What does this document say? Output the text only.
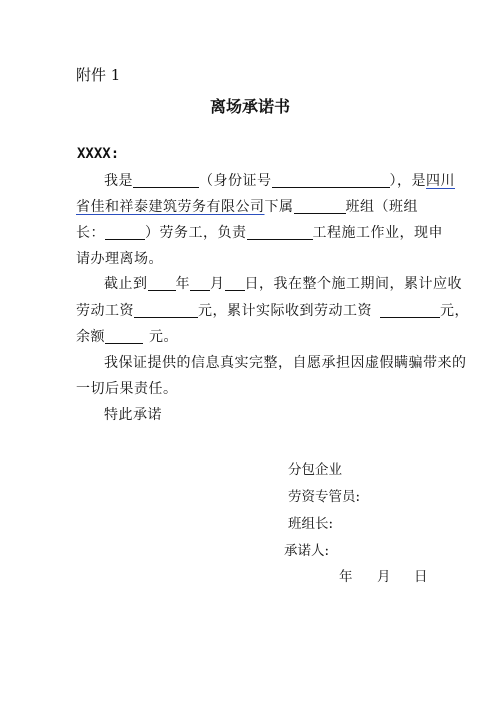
附件 1
离场承诺书
XXXX:
我是	（身份证号	），是四川
省佳和祥泰建筑劳务有限公司下属	班组（班组
长：	）劳务工，负责	工程施工作业，现申
请办理离场。
截止到 年 月 日，我在整个施工期间，累计应收
劳动工资	元，累计实际收到劳动工资	元，
余额	元。
我保证提供的信息真实完整，自愿承担因虚假瞒骗带来的
一切后果责任。
特此承诺
分包企业
劳资专管员:
班组长:
承诺人:
年 月 日
